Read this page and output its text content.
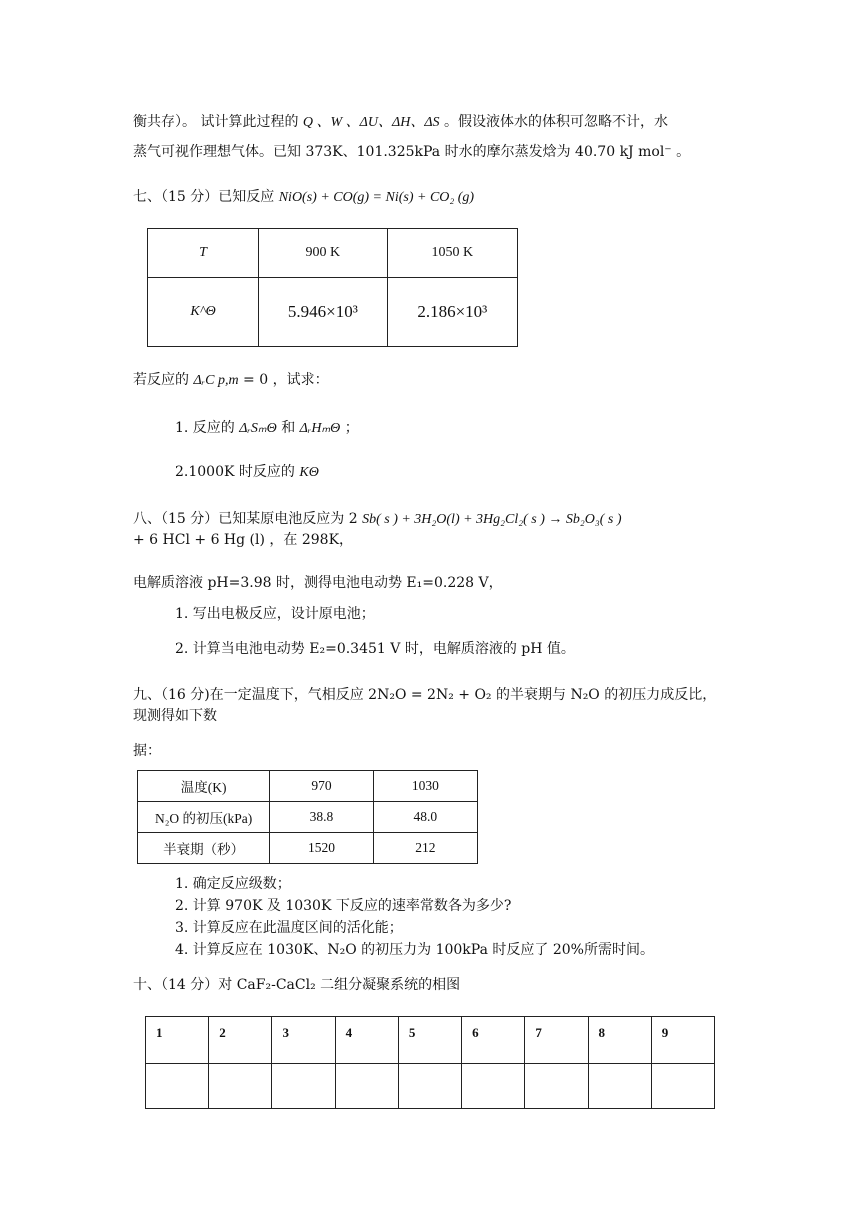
衡共存）。 试计算此过程的 Q 、W 、ΔU、ΔH、ΔS 。假设液体水的体积可忽略不计，水
蒸气可视作理想气体。已知 373K、101.325kPa 时水的摩尔蒸发焓为 40.70 kJ mol⁻ 。
七、（15 分）已知反应 NiO(s) + CO(g) = Ni(s) + CO₂ (g)
T	900 K	1050 K
K^Θ	5.946×10³	2.186×10³
若反应的 ΔᵣC p,m = 0 ，试求：
1. 反应的 ΔᵣSₘΘ 和 ΔᵣHₘΘ ；
2.1000K 时反应的 KΘ
八、（15 分）已知某原电池反应为 2 Sb( s ) + 3H₂O(l) + 3Hg₂Cl₂( s ) → Sb₂O₃( s )
+ 6 HCl + 6 Hg (l) ，在 298K，
电解质溶液 pH=3.98 时，测得电池电动势 E₁=0.228 V，
1. 写出电极反应，设计原电池；
2. 计算当电池电动势 E₂=0.3451 V 时，电解质溶液的 pH 值。
九、（16 分)在一定温度下，气相反应 2N₂O = 2N₂ + O₂ 的半衰期与 N₂O 的初压力成反比，
现测得如下数
据：
温度(K)	970	1030
N₂O 的初压(kPa)	38.8	48.0
半衰期（秒）	1520	212
1. 确定反应级数；
2. 计算 970K 及 1030K 下反应的速率常数各为多少?
3. 计算反应在此温度区间的活化能；
4. 计算反应在 1030K、N₂O 的初压力为 100kPa 时反应了 20%所需时间。
十、（14 分）对 CaF₂-CaCl₂ 二组分凝聚系统的相图
1	2	3	4	5	6	7	8	9
